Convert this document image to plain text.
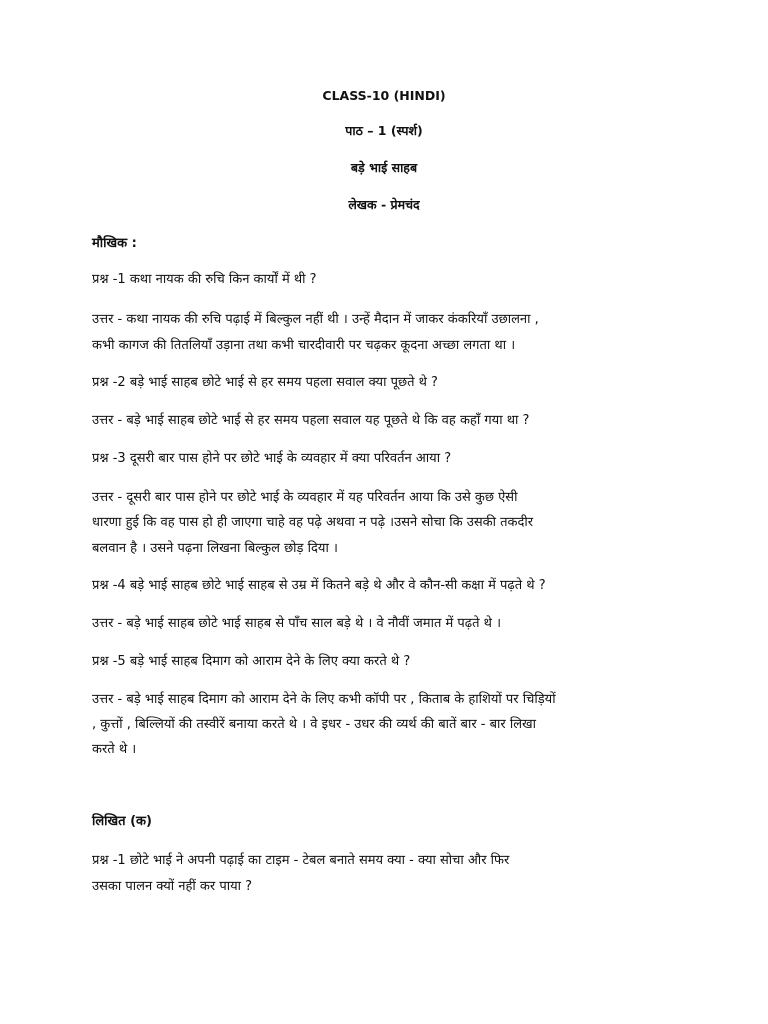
CLASS-10 (HINDI)

पाठ – 1 (स्पर्श)

बड़े भाई साहब

लेखक - प्रेमचंद

मौखिक :

प्रश्न -1 कथा नायक की रुचि किन कार्यों में थी ?

उत्तर - कथा नायक की रुचि पढ़ाई में बिल्कुल नहीं थी । उन्हें मैदान में जाकर कंकरियाँ उछालना ,

कभी कागज की तितलियाँ उड़ाना तथा कभी चारदीवारी पर चढ़कर कूदना अच्छा लगता था ।

प्रश्न -2 बड़े भाई साहब छोटे भाई से हर समय पहला सवाल क्या पूछते थे ?

उत्तर - बड़े भाई साहब छोटे भाई से हर समय पहला सवाल यह पूछते थे कि वह कहाँ गया था ?

प्रश्न -3 दूसरी बार पास होने पर छोटे भाई के व्यवहार में क्या परिवर्तन आया ?

उत्तर - दूसरी बार पास होने पर छोटे भाई के व्यवहार में यह परिवर्तन आया कि उसे कुछ ऐसी

धारणा हुई कि वह पास हो ही जाएगा चाहे वह पढ़े अथवा न पढ़े ।उसने सोचा कि उसकी तकदीर

बलवान है । उसने पढ़ना लिखना बिल्कुल छोड़ दिया ।

प्रश्न -4 बड़े भाई साहब छोटे भाई साहब से उम्र में कितने बड़े थे और वे कौन-सी कक्षा में पढ़ते थे ?

उत्तर - बड़े भाई साहब छोटे भाई साहब से पाँच साल बड़े थे । वे नौवीं जमात में पढ़ते थे ।

प्रश्न -5 बड़े भाई साहब दिमाग को आराम देने के लिए क्या करते थे ?

उत्तर - बड़े भाई साहब दिमाग को आराम देने के लिए कभी कॉपी पर , किताब के हाशियों पर चिड़ियों

, कुत्तों , बिल्लियों की तस्वीरें बनाया करते थे । वे इधर - उधर की व्यर्थ की बातें बार - बार लिखा

करते थे ।

लिखित (क)

प्रश्न -1 छोटे भाई ने अपनी पढ़ाई का टाइम - टेबल बनाते समय क्या - क्या सोचा और फिर

उसका पालन क्यों नहीं कर पाया ?
